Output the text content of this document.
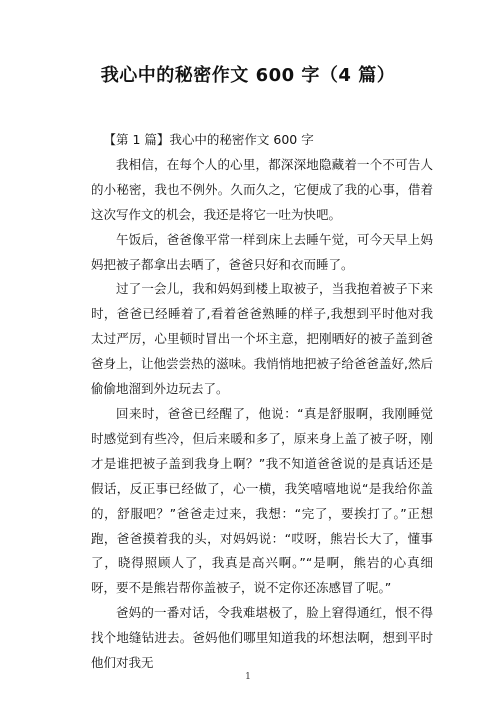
我心中的秘密作文 600 字（4 篇）

【第 1 篇】我心中的秘密作文 600 字

我相信，在每个人的心里，都深深地隐藏着一个不可告人的小秘密，我也不例外。久而久之，它便成了我的心事，借着这次写作文的机会，我还是将它一吐为快吧。

午饭后，爸爸像平常一样到床上去睡午觉，可今天早上妈妈把被子都拿出去晒了，爸爸只好和衣而睡了。

过了一会儿，我和妈妈到楼上取被子，当我抱着被子下来时，爸爸已经睡着了,看着爸爸熟睡的样子,我想到平时他对我太过严厉，心里顿时冒出一个坏主意，把刚晒好的被子盖到爸爸身上，让他尝尝热的滋味。我悄悄地把被子给爸爸盖好,然后偷偷地溜到外边玩去了。

回来时，爸爸已经醒了，他说：“真是舒服啊，我刚睡觉时感觉到有些冷，但后来暖和多了，原来身上盖了被子呀，刚才是谁把被子盖到我身上啊？”我不知道爸爸说的是真话还是假话，反正事已经做了，心一横，我笑嘻嘻地说“是我给你盖的，舒服吧？”爸爸走过来，我想：“完了，要挨打了。”正想跑，爸爸摸着我的头，对妈妈说：“哎呀，熊岩长大了，懂事了，晓得照顾人了，我真是高兴啊。”“是啊，熊岩的心真细呀，要不是熊岩帮你盖被子，说不定你还冻感冒了呢。”

爸妈的一番对话，令我难堪极了，脸上窘得通红，恨不得找个地缝钻进去。爸妈他们哪里知道我的坏想法啊，想到平时他们对我无

1
